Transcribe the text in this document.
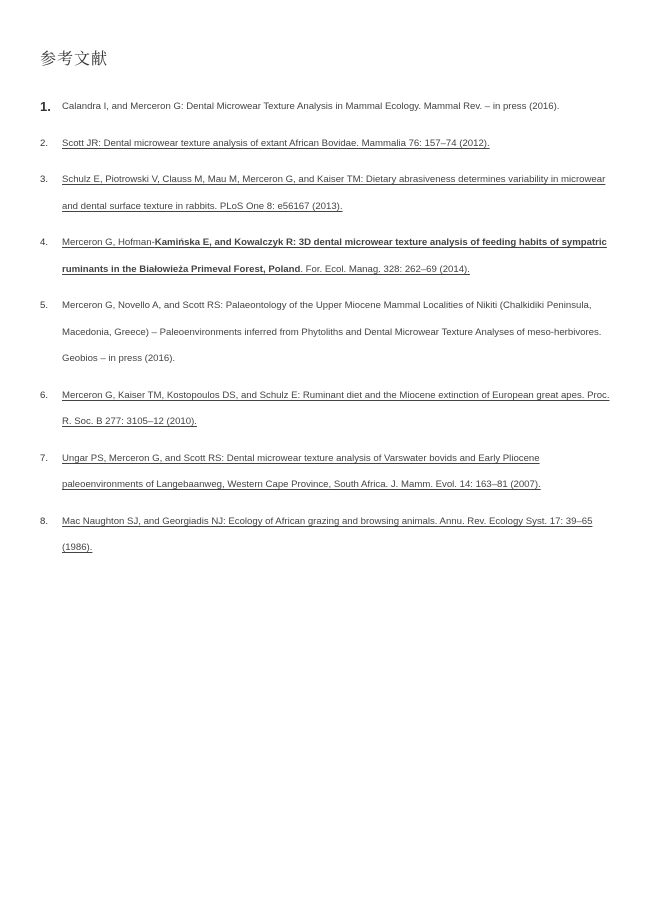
参考文献
1. Calandra I, and Merceron G: Dental Microwear Texture Analysis in Mammal Ecology. Mammal Rev. – in press (2016).
2. Scott JR: Dental microwear texture analysis of extant African Bovidae. Mammalia 76: 157–74 (2012).
3. Schulz E, Piotrowski V, Clauss M, Mau M, Merceron G, and Kaiser TM: Dietary abrasiveness determines variability in microwear and dental surface texture in rabbits. PLoS One 8: e56167 (2013).
4. Merceron G, Hofman-Kamińska E, and Kowalczyk R: 3D dental microwear texture analysis of feeding habits of sympatric ruminants in the Białowieża Primeval Forest, Poland. For. Ecol. Manag. 328: 262–69 (2014).
5. Merceron G, Novello A, and Scott RS: Palaeontology of the Upper Miocene Mammal Localities of Nikiti (Chalkidiki Peninsula, Macedonia, Greece) – Paleoenvironments inferred from Phytoliths and Dental Microwear Texture Analyses of meso-herbivores. Geobios – in press (2016).
6. Merceron G, Kaiser TM, Kostopoulos DS, and Schulz E: Ruminant diet and the Miocene extinction of European great apes. Proc. R. Soc. B 277: 3105–12 (2010).
7. Ungar PS, Merceron G, and Scott RS: Dental microwear texture analysis of Varswater bovids and Early Pliocene paleoenvironments of Langebaanweg, Western Cape Province, South Africa. J. Mamm. Evol. 14: 163–81 (2007).
8. Mac Naughton SJ, and Georgiadis NJ: Ecology of African grazing and browsing animals. Annu. Rev. Ecology Syst. 17: 39–65 (1986).
